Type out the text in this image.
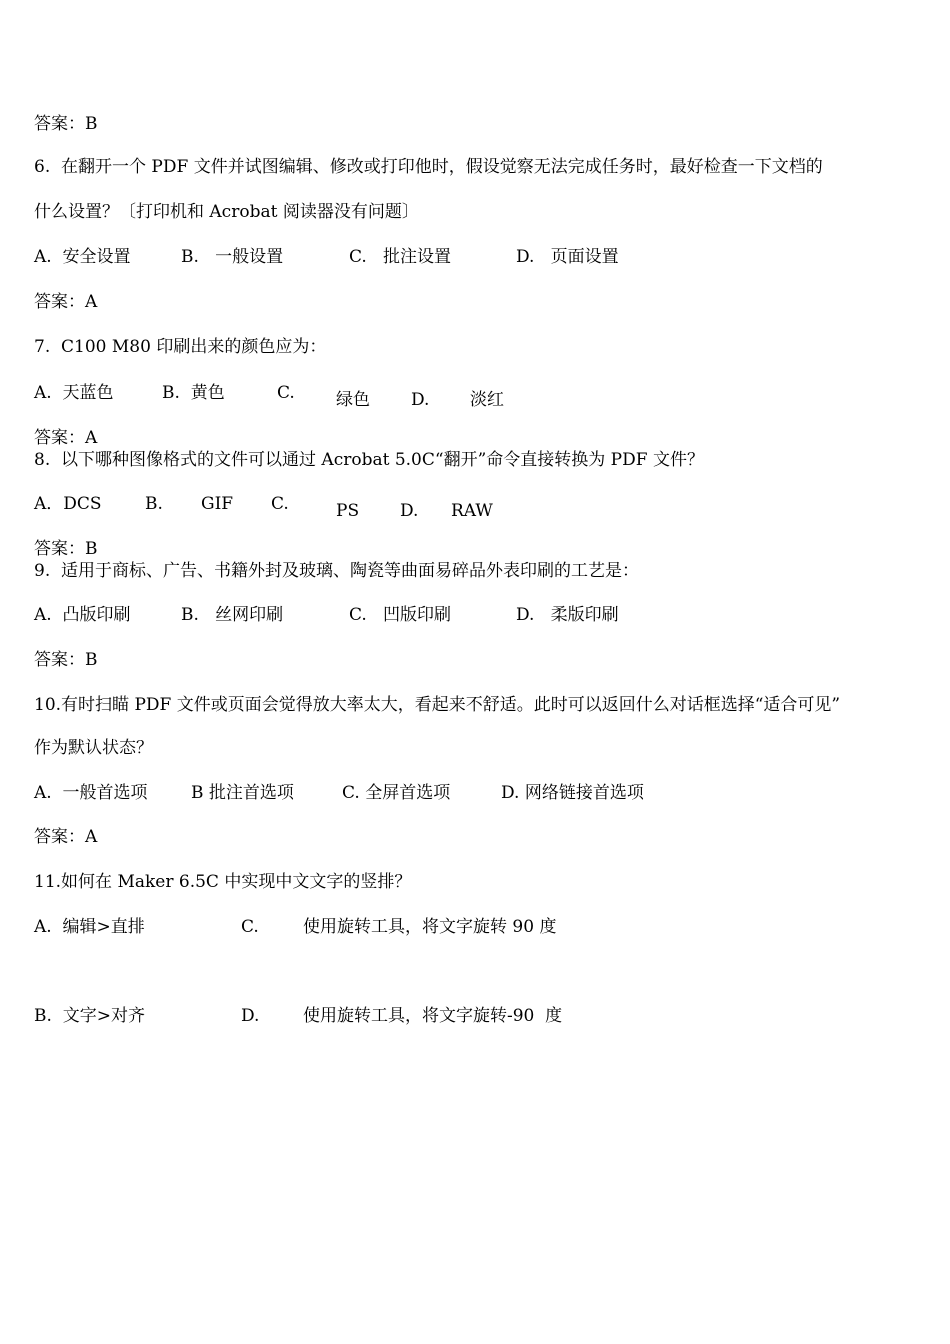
答案：B
6.  在翻开一个 PDF 文件并试图编辑、修改或打印他时，假设觉察无法完成任务时，最好检查一下文档的
什么设置？〔打印机和 Acrobat 阅读器没有问题〕
A.  安全设置	B.   一般设置	C.   批注设置	D.   页面设置
答案：A
7.  C100 M80 印刷出来的颜色应为：
A.  天蓝色	B.  黄色	C. 绿色 D. 淡红
答案：A
8.  以下哪种图像格式的文件可以通过 Acrobat 5.0C“翻开”命令直接转换为 PDF 文件？
A．DCS	B. GIF C.	PS D. RAW
答案：B
9.  适用于商标、广告、书籍外封及玻璃、陶瓷等曲面易碎品外表印刷的工艺是：
A.  凸版印刷	B.   丝网印刷	C.   凹版印刷	D.   柔版印刷
答案：B
10.有时扫瞄 PDF 文件或页面会觉得放大率太大，看起来不舒适。此时可以返回什么对话框选择“适合可见”
作为默认状态？
A.  一般首选项	B 批注首选项	C. 全屏首选项	D. 网络链接首选项
答案：A
11.如何在 Maker 6.5C 中实现中文文字的竖排？
A.  编辑>直排	C.	使用旋转工具，将文字旋转 90 度
B.  文字>对齐	D.	使用旋转工具，将文字旋转-90  度
